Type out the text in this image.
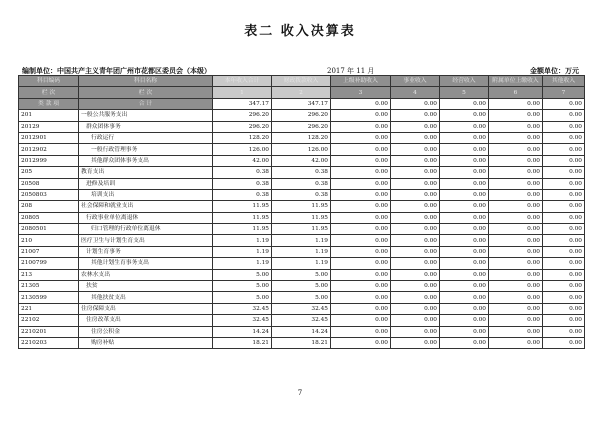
表二 收入决算表
编制单位：中国共产主义青年团广州市花都区委员会（本级）	2017 年 11 月	金额单位：万元
科目编码	科目名称	本年收入合计	财政拨款收入	上级补助收入	事业收入	经营收入	附属单位上缴收入	其他收入
栏 次	栏 次	1	2	3	4	5	6	7
类 款 项	合 计	347.17	347.17	0.00	0.00	0.00	0.00	0.00
201	一般公共服务支出	296.20	296.20	0.00	0.00	0.00	0.00	0.00
20129	群众团体事务	296.20	296.20	0.00	0.00	0.00	0.00	0.00
2012901	行政运行	128.20	128.20	0.00	0.00	0.00	0.00	0.00
2012902	一般行政管理事务	126.00	126.00	0.00	0.00	0.00	0.00	0.00
2012999	其他群众团体事务支出	42.00	42.00	0.00	0.00	0.00	0.00	0.00
205	教育支出	0.38	0.38	0.00	0.00	0.00	0.00	0.00
20508	进修及培训	0.38	0.38	0.00	0.00	0.00	0.00	0.00
2050803	培训支出	0.38	0.38	0.00	0.00	0.00	0.00	0.00
208	社会保障和就业支出	11.95	11.95	0.00	0.00	0.00	0.00	0.00
20805	行政事业单位离退休	11.95	11.95	0.00	0.00	0.00	0.00	0.00
2080501	归口管理的行政单位离退休	11.95	11.95	0.00	0.00	0.00	0.00	0.00
210	医疗卫生与计划生育支出	1.19	1.19	0.00	0.00	0.00	0.00	0.00
21007	计划生育事务	1.19	1.19	0.00	0.00	0.00	0.00	0.00
2100799	其他计划生育事务支出	1.19	1.19	0.00	0.00	0.00	0.00	0.00
213	农林水支出	5.00	5.00	0.00	0.00	0.00	0.00	0.00
21305	扶贫	5.00	5.00	0.00	0.00	0.00	0.00	0.00
2130599	其他扶贫支出	5.00	5.00	0.00	0.00	0.00	0.00	0.00
221	住房保障支出	32.45	32.45	0.00	0.00	0.00	0.00	0.00
22102	住房改革支出	32.45	32.45	0.00	0.00	0.00	0.00	0.00
2210201	住房公积金	14.24	14.24	0.00	0.00	0.00	0.00	0.00
2210203	购房补贴	18.21	18.21	0.00	0.00	0.00	0.00	0.00
7
